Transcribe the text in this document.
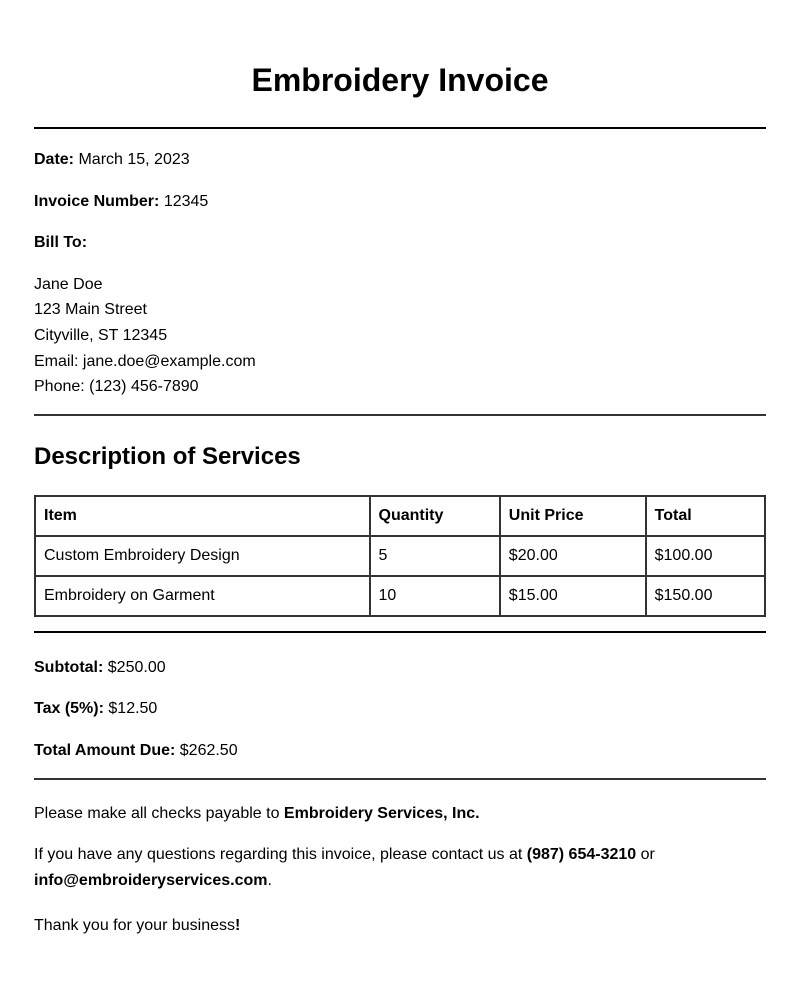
Embroidery Invoice
Date: March 15, 2023
Invoice Number: 12345
Bill To:
Jane Doe
123 Main Street
Cityville, ST 12345
Email: jane.doe@example.com
Phone: (123) 456-7890
Description of Services
Item	Quantity	Unit Price	Total
Custom Embroidery Design	5	$20.00	$100.00
Embroidery on Garment	10	$15.00	$150.00
Subtotal: $250.00
Tax (5%): $12.50
Total Amount Due: $262.50
Please make all checks payable to Embroidery Services, Inc.
If you have any questions regarding this invoice, please contact us at (987) 654-3210 or
info@embroideryservices.com.
Thank you for your business!
